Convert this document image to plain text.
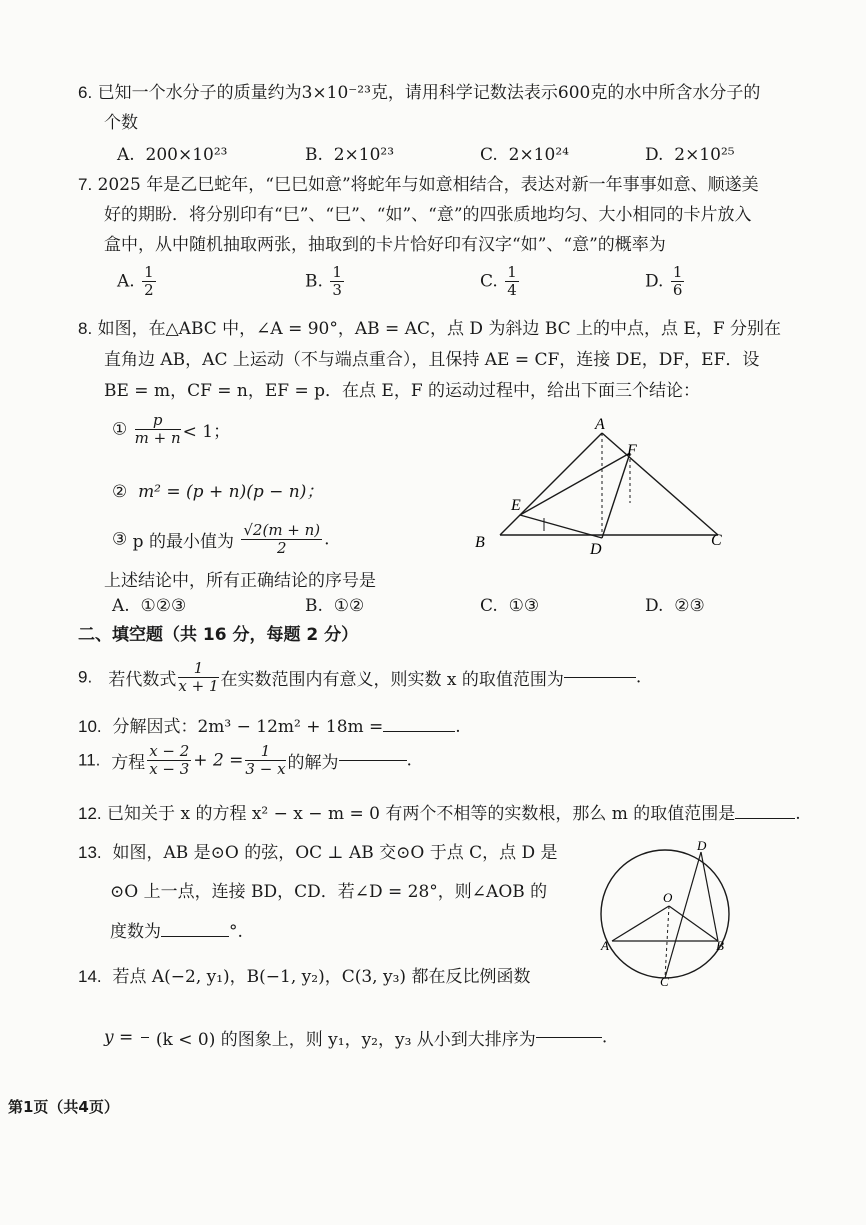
6. 已知一个水分子的质量约为3×10⁻²³克，请用科学记数法表示600克的水中所含水分子的
个数
A. 200×10²³	B. 2×10²³	C. 2×10²⁴	D. 2×10²⁵
7. 2025 年是乙巳蛇年，“巳巳如意”将蛇年与如意相结合，表达对新一年事事如意、顺遂美
好的期盼．将分别印有“巳”、“巳”、“如”、“意”的四张质地均匀、大小相同的卡片放入
盒中，从中随机抽取两张，抽取到的卡片恰好印有汉字“如”、“意”的概率为
A. $\frac{1}{2}$	B. $\frac{1}{3}$	C. $\frac{1}{4}$	D. $\frac{1}{6}$
8. 如图，在△ABC 中，∠A = 90°，AB = AC，点 D 为斜边 BC 上的中点，点 E，F 分别在
直角边 AB，AC 上运动（不与端点重合），且保持 AE = CF，连接 DE，DF，EF．设
BE = m，CF = n，EF = p．在点 E，F 的运动过程中，给出下面三个结论：
① $\frac{p}{m + n} < 1$；
② m² = (p + n)(p − n)；
③ p 的最小值为 $\frac{√2(m + n)}{2}$ .
上述结论中，所有正确结论的序号是
A. ①②③	B. ①②	C. ①③	D. ②③
A
F
E
B	D
C
二、填空题（共 16 分，每题 2 分）
9. 若代数式 $\frac{1}{x + 1}$ 在实数范围内有意义，则实数 x 的取值范围为	.
10. 分解因式：2m³ − 12m² + 18m =	.
11. 方程 $\frac{x - 2}{x - 3} + 2 = \frac{1}{3 - x}$ 的解为	.
12. 已知关于 x 的方程 x² − x − m = 0 有两个不相等的实数根，那么 m 的取值范围是	.
13. 如图，AB 是⊙O 的弦，OC ⊥ AB 交⊙O 于点 C，点 D 是
⊙O 上一点，连接 BD，CD．若∠D = 28°，则∠AOB 的
度数为	°.
D
O
A	B
C
14. 若点 A(−2, y₁)，B(−1, y₂)，C(3, y₃) 都在反比例函数
y =

(k < 0) 的图象上，则 y₁，y₂，y₃ 从小到大排序为	.
第1页（共4页）
